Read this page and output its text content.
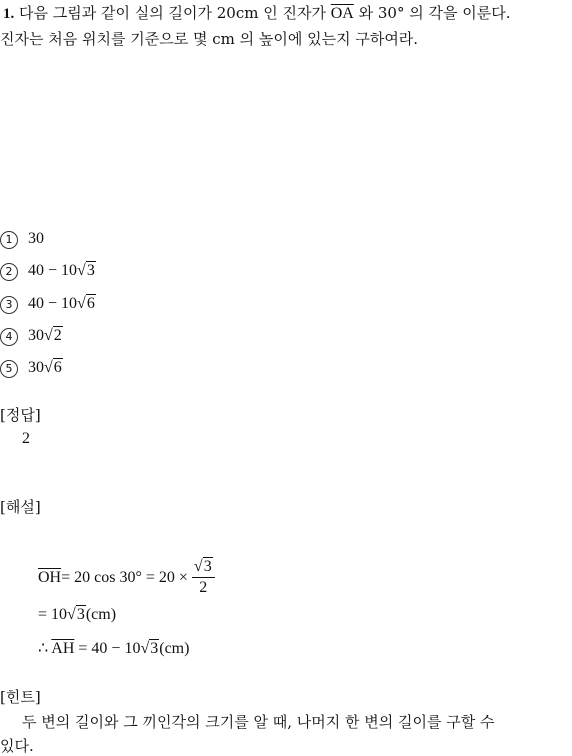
1. 다음 그림과 같이 실의 길이가 20cm 인 진자가 $\overline{OA}$ 와 30° 의 각을 이룬다.
진자는 처음 위치를 기준으로 몇 cm 의 높이에 있는지 구하여라.
1 30
2 40 − 10√3
3 40 − 10√6
4 30√2
5 30√6
[정답]
2
[해설]
$\overline{OH} = 20$ $\cos 30^\circ = 20 \times \frac{√3}{2}$
= 10√3(cm)
∴ $\overline{AH} = 40 - 10√3(cm)$
[힌트]
두 변의 길이와 그 끼인각의 크기를 알 때, 나머지 한 변의 길이를 구할 수
있다.
